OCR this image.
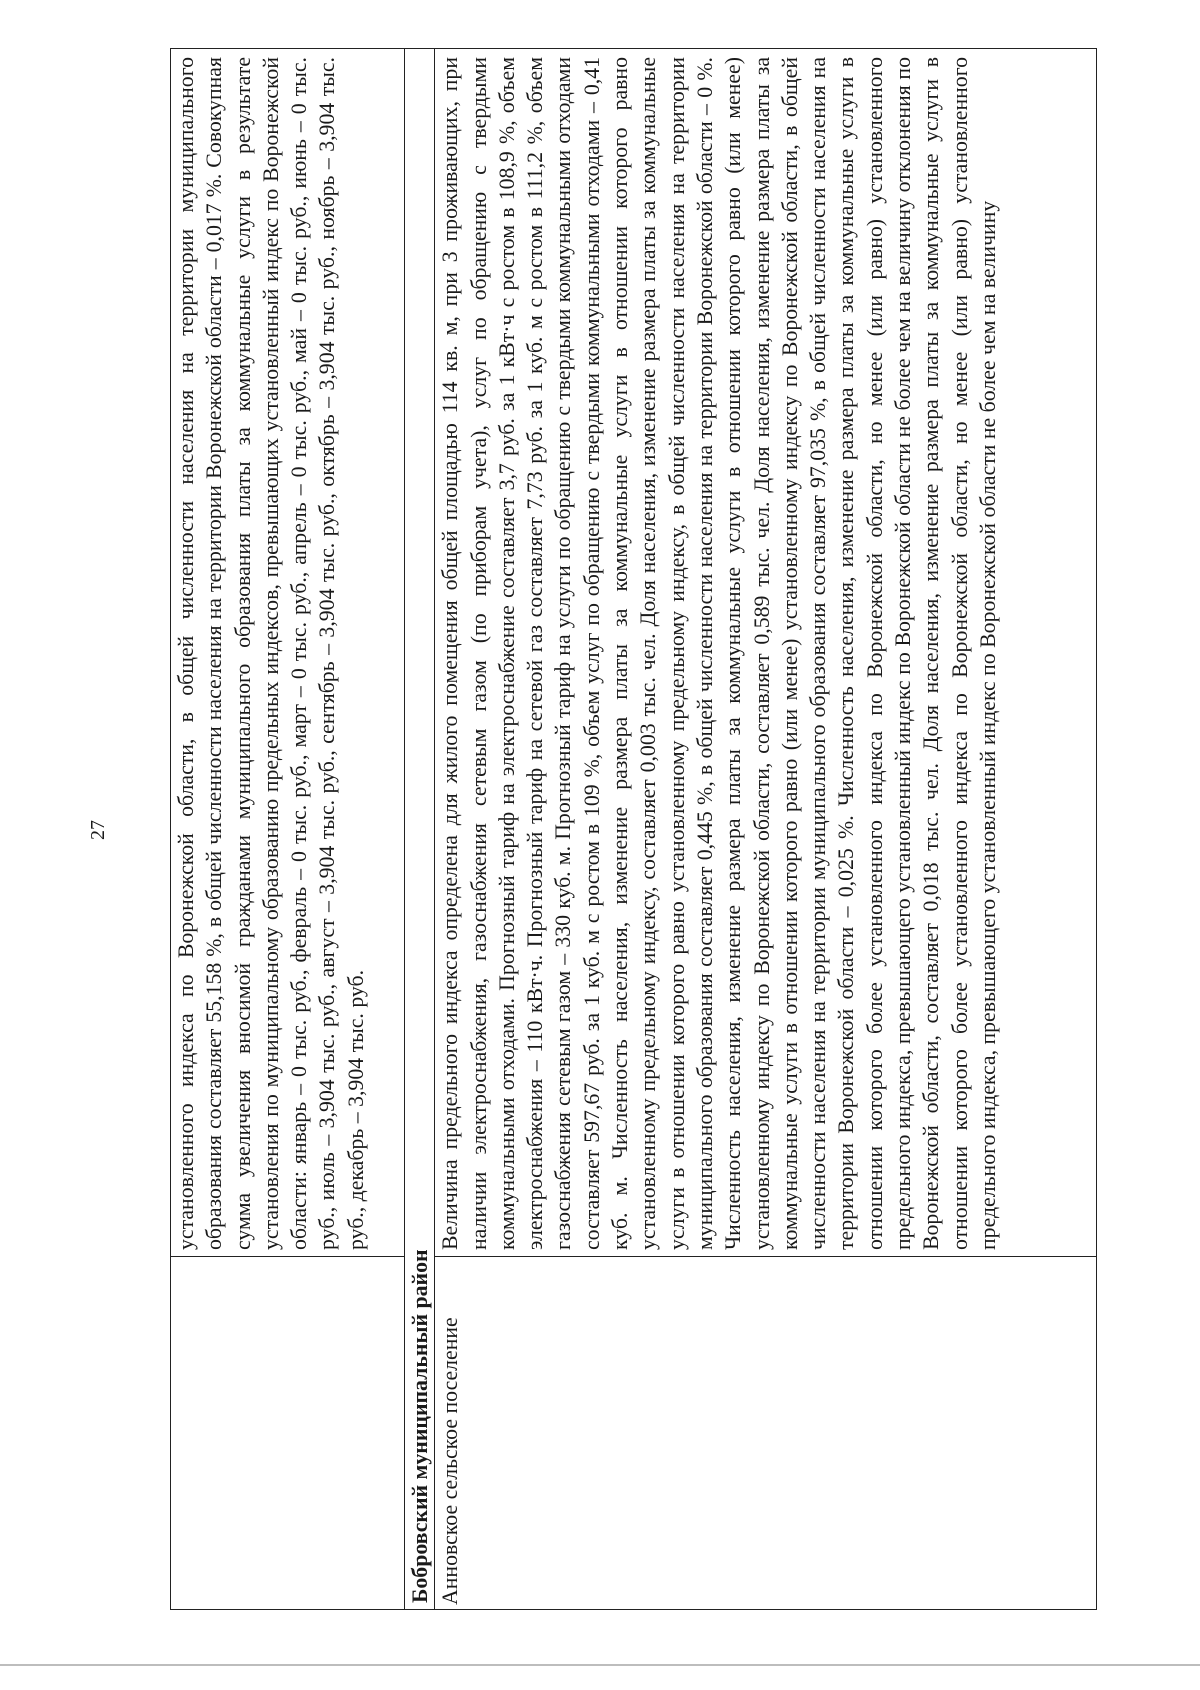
27
		установленного индекса по Воронежской области, в общей численности населения на территории муниципального образования составляет 55,158 %, в общей численности населения на территории Воронежской области – 0,017 %. Совокупная сумма увеличения вносимой гражданами муниципального образования платы за коммунальные услуги в результате установления по муниципальному образованию предельных индексов, превышающих установленный индекс по Воронежской области: январь – 0 тыс. руб., февраль – 0 тыс. руб., март – 0 тыс. руб., апрель – 0 тыс. руб., май – 0 тыс. руб., июнь – 0 тыс. руб., июль – 3,904 тыс. руб., август – 3,904 тыс. руб., сентябрь – 3,904 тыс. руб., октябрь – 3,904 тыс. руб., ноябрь – 3,904 тыс. руб., декабрь – 3,904 тыс. руб.
Бобровский муниципальный район	
Анновское сельское поселение	Величина предельного индекса определена для жилого помещения общей площадью 114 кв. м, при 3 проживающих, при наличии электроснабжения, газоснабжения сетевым газом (по приборам учета), услуг по обращению с твердыми коммунальными отходами. Прогнозный тариф на электроснабжение составляет 3,7 руб. за 1 кВт·ч с ростом в 108,9 %, объем электроснабжения – 110 кВт·ч. Прогнозный тариф на сетевой газ составляет 7,73 руб. за 1 куб. м с ростом в 111,2 %, объем газоснабжения сетевым газом – 330 куб. м. Прогнозный тариф на услуги по обращению с твердыми коммунальными отходами составляет 597,67 руб. за 1 куб. м с ростом в 109 %, объем услуг по обращению с твердыми коммунальными отходами – 0,41 куб. м. Численность населения, изменение размера платы за коммунальные услуги в отношении которого равно установленному предельному индексу, составляет 0,003 тыс. чел. Доля населения, изменение размера платы за коммунальные услуги в отношении которого равно установленному предельному индексу, в общей численности населения на территории муниципального образования составляет 0,445 %, в общей численности населения на территории Воронежской области – 0 %. Численность населения, изменение размера платы за коммунальные услуги в отношении которого равно (или менее) установленному индексу по Воронежской области, составляет 0,589 тыс. чел. Доля населения, изменение размера платы за коммунальные услуги в отношении которого равно (или менее) установленному индексу по Воронежской области, в общей численности населения на территории муниципального образования составляет 97,035 %, в общей численности населения на территории Воронежской области – 0,025 %. Численность населения, изменение размера платы за коммунальные услуги в отношении которого более установленного индекса по Воронежской области, но менее (или равно) установленного предельного индекса, превышающего установленный индекс по Воронежской области не более чем на величину отклонения по Воронежской области, составляет 0,018 тыс. чел. Доля населения, изменение размера платы за коммунальные услуги в отношении которого более установленного индекса по Воронежской области, но менее (или равно) установленного предельного индекса, превышающего установленный индекс по Воронежской области не более чем на величину
